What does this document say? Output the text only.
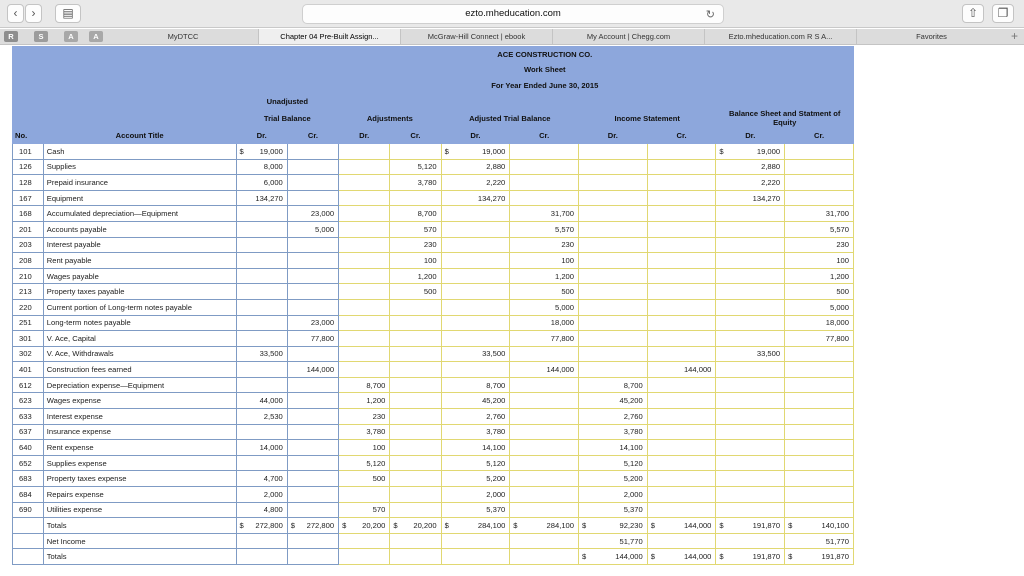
‹	›	▤	ezto.mheducation.com	↻	⇧	❐
R	S	A	A	MyDTCC	Chapter 04 Pre-Built Assign...	McGraw-Hill Connect | ebook	My Account | Chegg.com	Ezto.mheducation.com R S A...	Favorites	+
		ACE CONSTRUCTION CO.									
		Work Sheet									
		For Year Ended June 30, 2015									
		Unadjusted									
		Trial Balance		Adjustments		Adjusted Trial Balance		Income Statement		Balance Sheet and Statment of Equity	
No.	Account Title	Dr.	Cr.	Dr.	Cr.	Dr.	Cr.	Dr.	Cr.	Dr.	Cr.
101	Cash	$ 19,000				$ 19,000				$ 19,000	
126	Supplies	8,000			5,120	2,880				2,880	
128	Prepaid insurance	6,000			3,780	2,220				2,220	
167	Equipment	134,270				134,270				134,270	
168	Accumulated depreciation—Equipment		23,000		8,700		31,700				31,700
201	Accounts payable		5,000		570		5,570				5,570
203	Interest payable				230		230				230
208	Rent payable				100		100				100
210	Wages payable				1,200		1,200				1,200
213	Property taxes payable				500		500				500
220	Current portion of Long-term notes payable						5,000				5,000
251	Long-term notes payable		23,000				18,000				18,000
301	V. Ace, Capital		77,800				77,800				77,800
302	V. Ace, Withdrawals	33,500				33,500				33,500	
401	Construction fees earned		144,000				144,000		144,000		
612	Depreciation expense—Equipment			8,700		8,700		8,700			
623	Wages expense	44,000		1,200		45,200		45,200			
633	Interest expense	2,530		230		2,760		2,760			
637	Insurance expense			3,780		3,780		3,780			
640	Rent expense	14,000		100		14,100		14,100			
652	Supplies expense			5,120		5,120		5,120			
683	Property taxes expense	4,700		500		5,200		5,200			
684	Repairs expense	2,000				2,000		2,000			
690	Utilities expense	4,800		570		5,370		5,370			
	Totals	$ 272,800	$ 272,800	$ 20,200	$ 20,200	$ 284,100	$ 284,100	$ 92,230	$ 144,000	$ 191,870	$ 140,100
	Net Income							51,770			51,770
	Totals							$ 144,000	$ 144,000	$ 191,870	$ 191,870
